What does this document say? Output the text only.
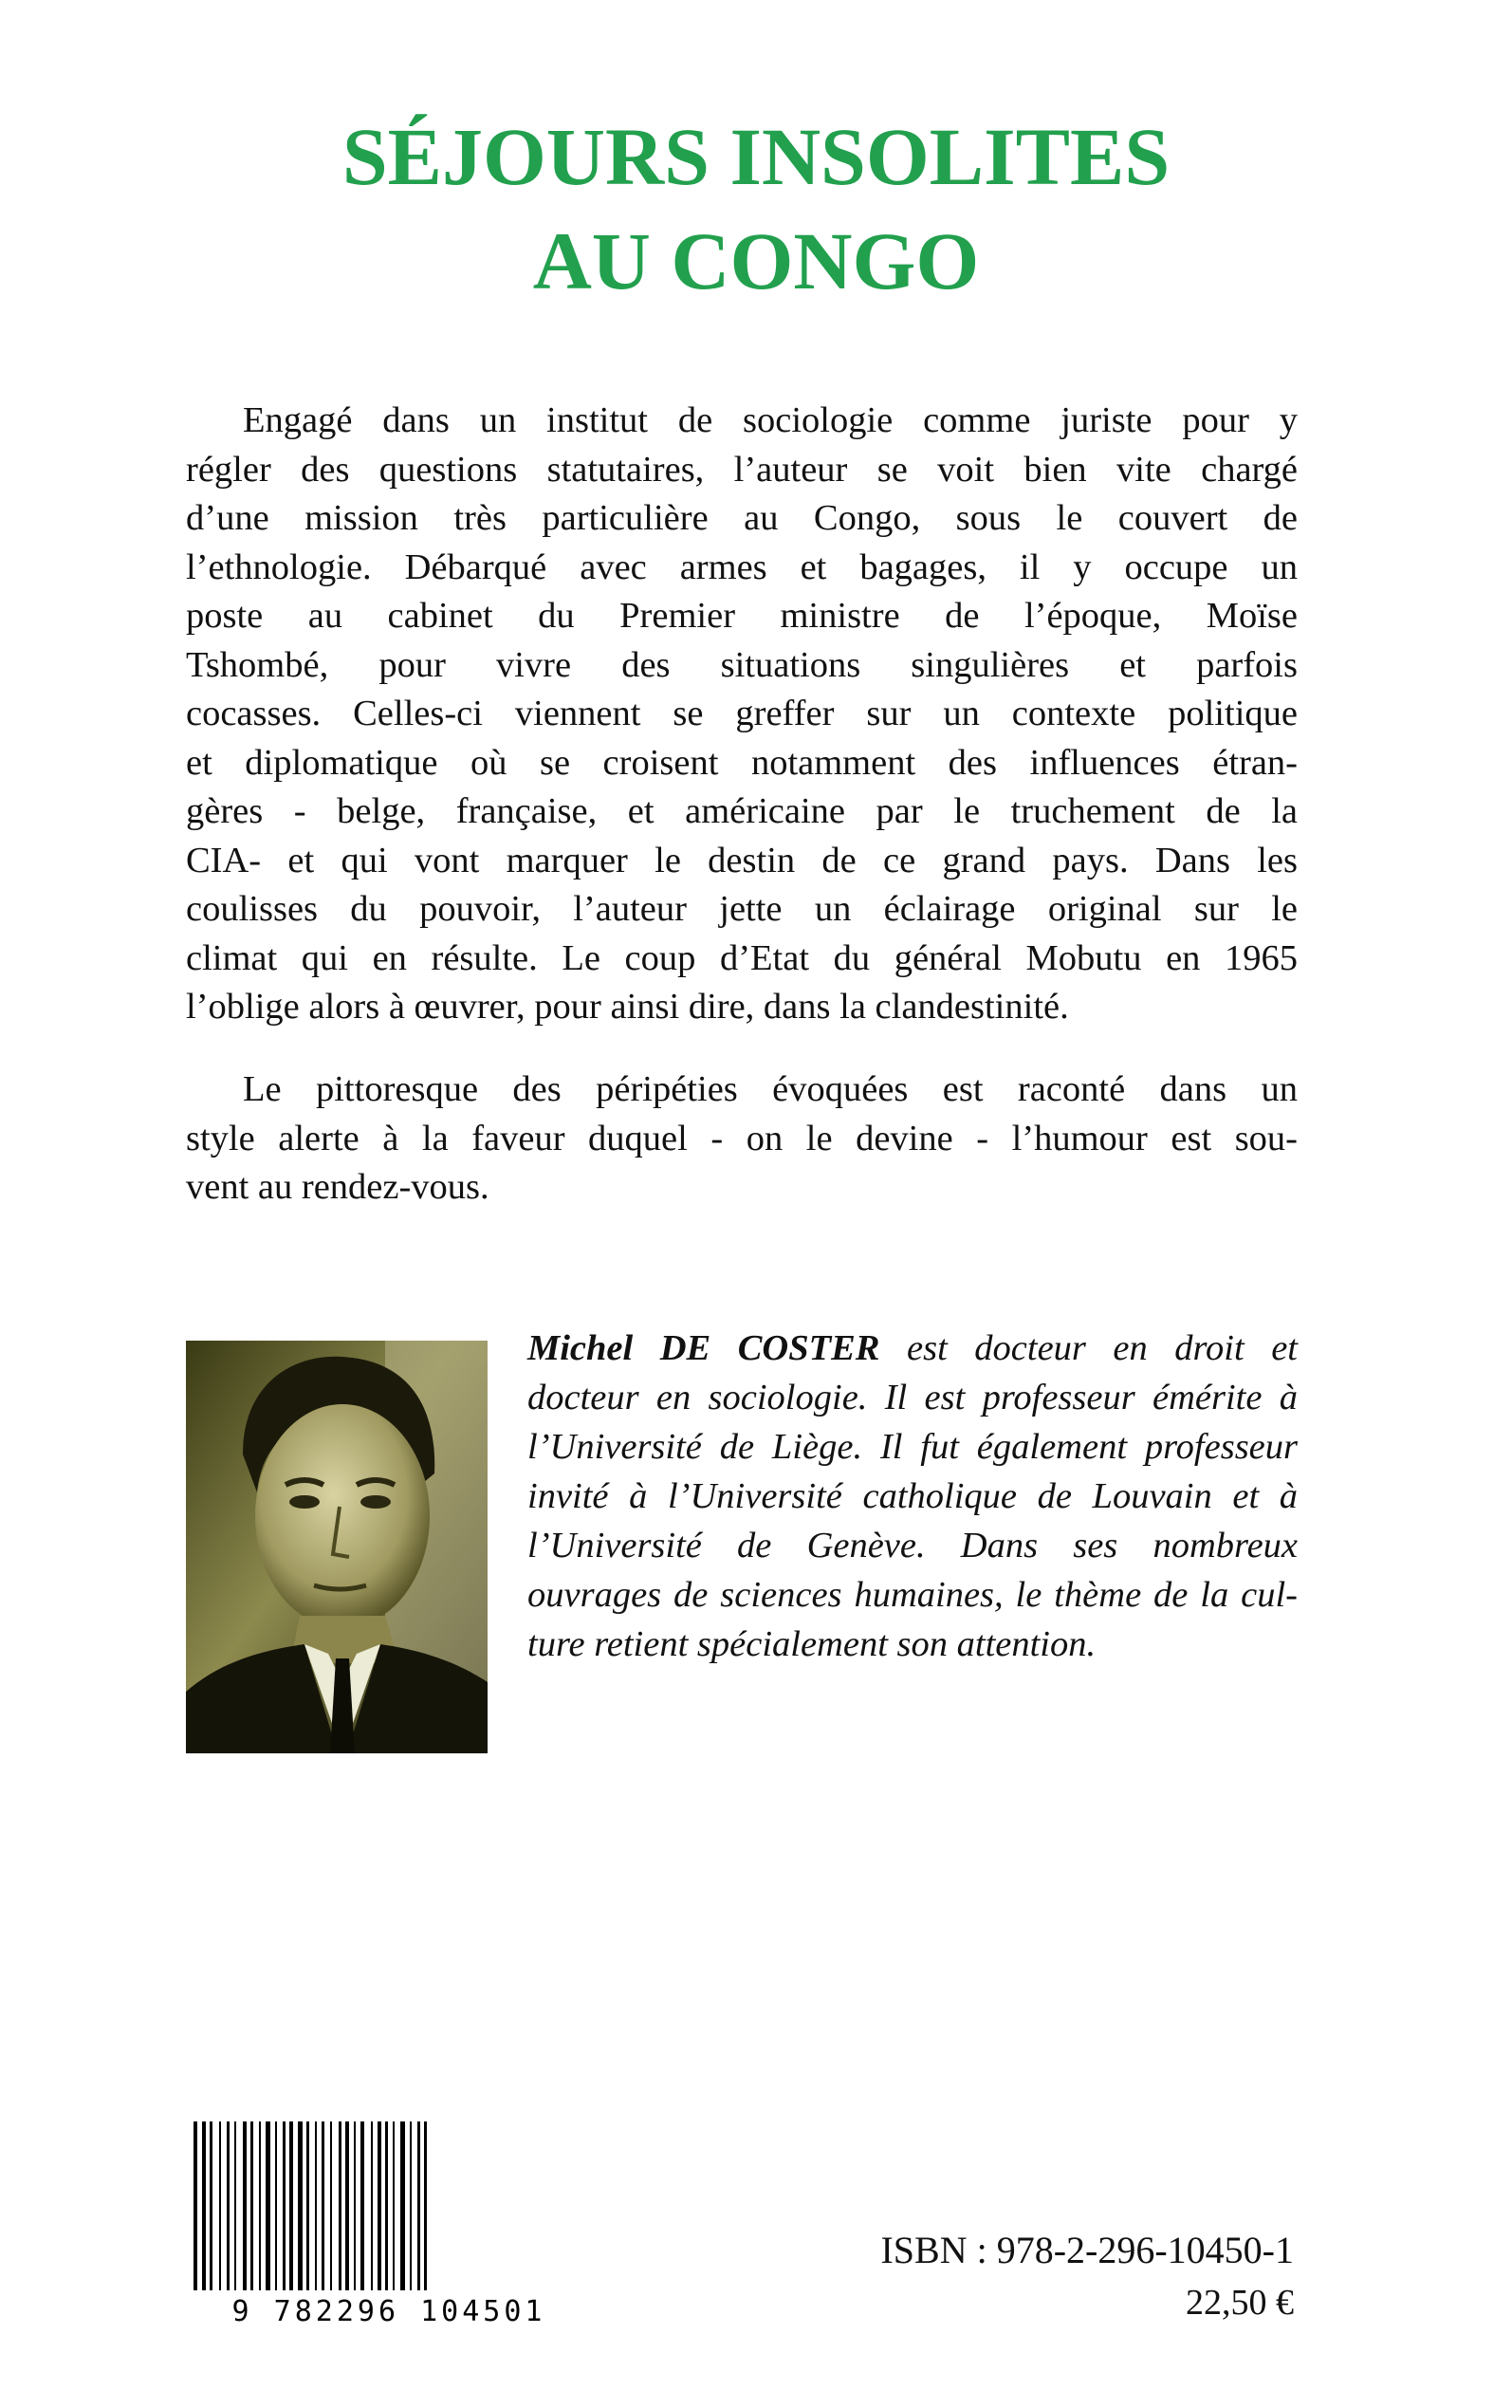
SÉJOURS INSOLITES
AU CONGO

Engagé dans un institut de sociologie comme juriste pour y
régler des questions statutaires, l’auteur se voit bien vite chargé
d’une mission très particulière au Congo, sous le couvert de
l’ethnologie. Débarqué avec armes et bagages, il y occupe un
poste au cabinet du Premier ministre de l’époque, Moïse
Tshombé, pour vivre des situations singulières et parfois
cocasses. Celles-ci viennent se greffer sur un contexte politique
et diplomatique où se croisent notamment des influences étran-
gères - belge, française, et américaine par le truchement de la
CIA- et qui vont marquer le destin de ce grand pays. Dans les
coulisses du pouvoir, l’auteur jette un éclairage original sur le
climat qui en résulte. Le coup d’Etat du général Mobutu en 1965
l’oblige alors à œuvrer, pour ainsi dire, dans la clandestinité.

Le pittoresque des péripéties évoquées est raconté dans un
style alerte à la faveur duquel - on le devine - l’humour est sou-
vent au rendez-vous.

Michel DE COSTER est docteur en droit et
docteur en sociologie. Il est professeur émérite à
l’Université de Liège. Il fut également professeur
invité à l’Université catholique de Louvain et à
l’Université de Genève. Dans ses nombreux
ouvrages de sciences humaines, le thème de la cul-
ture retient spécialement son attention.

9 782296 104501

ISBN : 978-2-296-10450-1

22,50 €
